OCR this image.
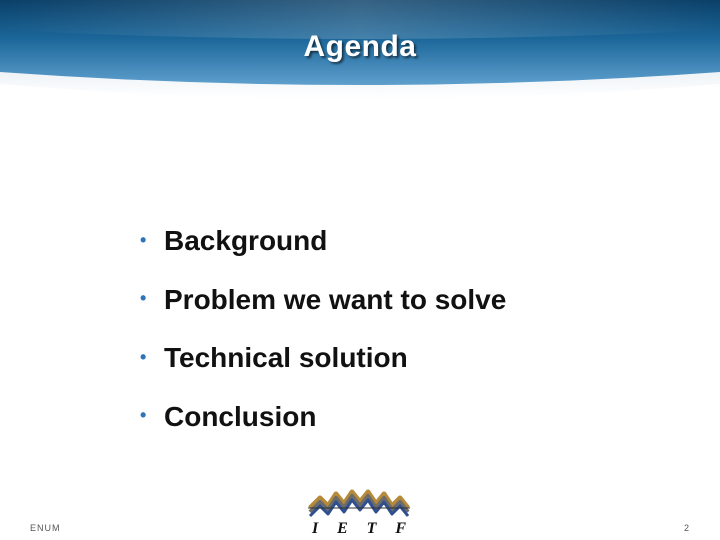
Agenda
• Background
• Problem we want to solve
• Technical solution
• Conclusion
ENUM	I E T F	2
